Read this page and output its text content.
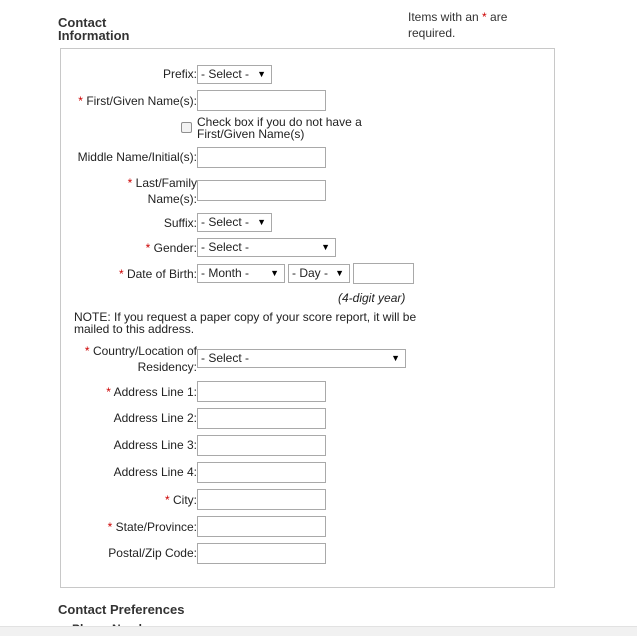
Contact
Information
Items with an * are
required.
Prefix: - Select - ▼
* First/Given Name(s):
Check box if you do not have a
First/Given Name(s)
Middle Name/Initial(s):
* Last/Family
Name(s):
Suffix: - Select - ▼
* Gender: - Select -	▼
* Date of Birth: - Month - ▼	- Day - ▼
(4-digit year)
NOTE: If you request a paper copy of your score report, it will be
mailed to this address.
* Country/Location of
Residency:
- Select -	▼
* Address Line 1:
Address Line 2:
Address Line 3:
Address Line 4:
* City:
* State/Province:
Postal/Zip Code:
Contact Preferences
